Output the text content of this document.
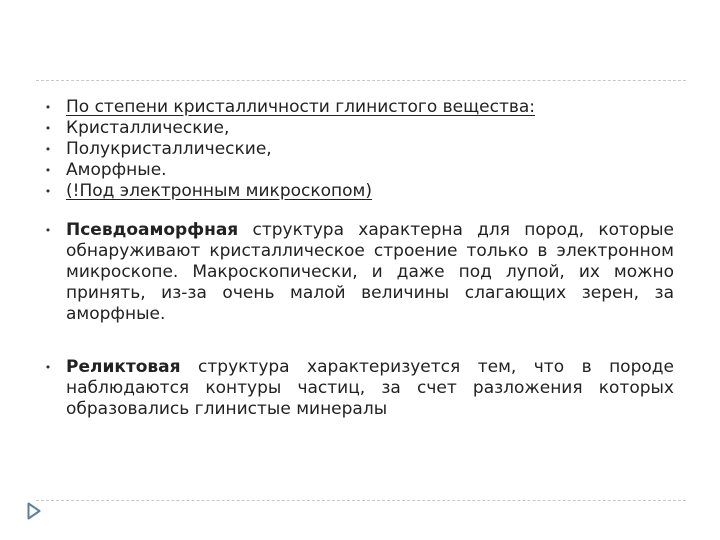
• По степени кристалличности глинистого вещества:
• Кристаллические,
• Полукристаллические,
• Аморфные.
• (!Под электронным микроскопом)
• Псевдоаморфная структура характерна для пород, которые обнаруживают кристаллическое строение только в электронном микроскопе. Макроскопически, и даже под лупой, их можно принять, из-за очень малой величины слагающих зерен, за аморфные.
• Реликтовая структура характеризуется тем, что в породе наблюдаются контуры частиц, за счет разложения которых образовались глинистые минералы
